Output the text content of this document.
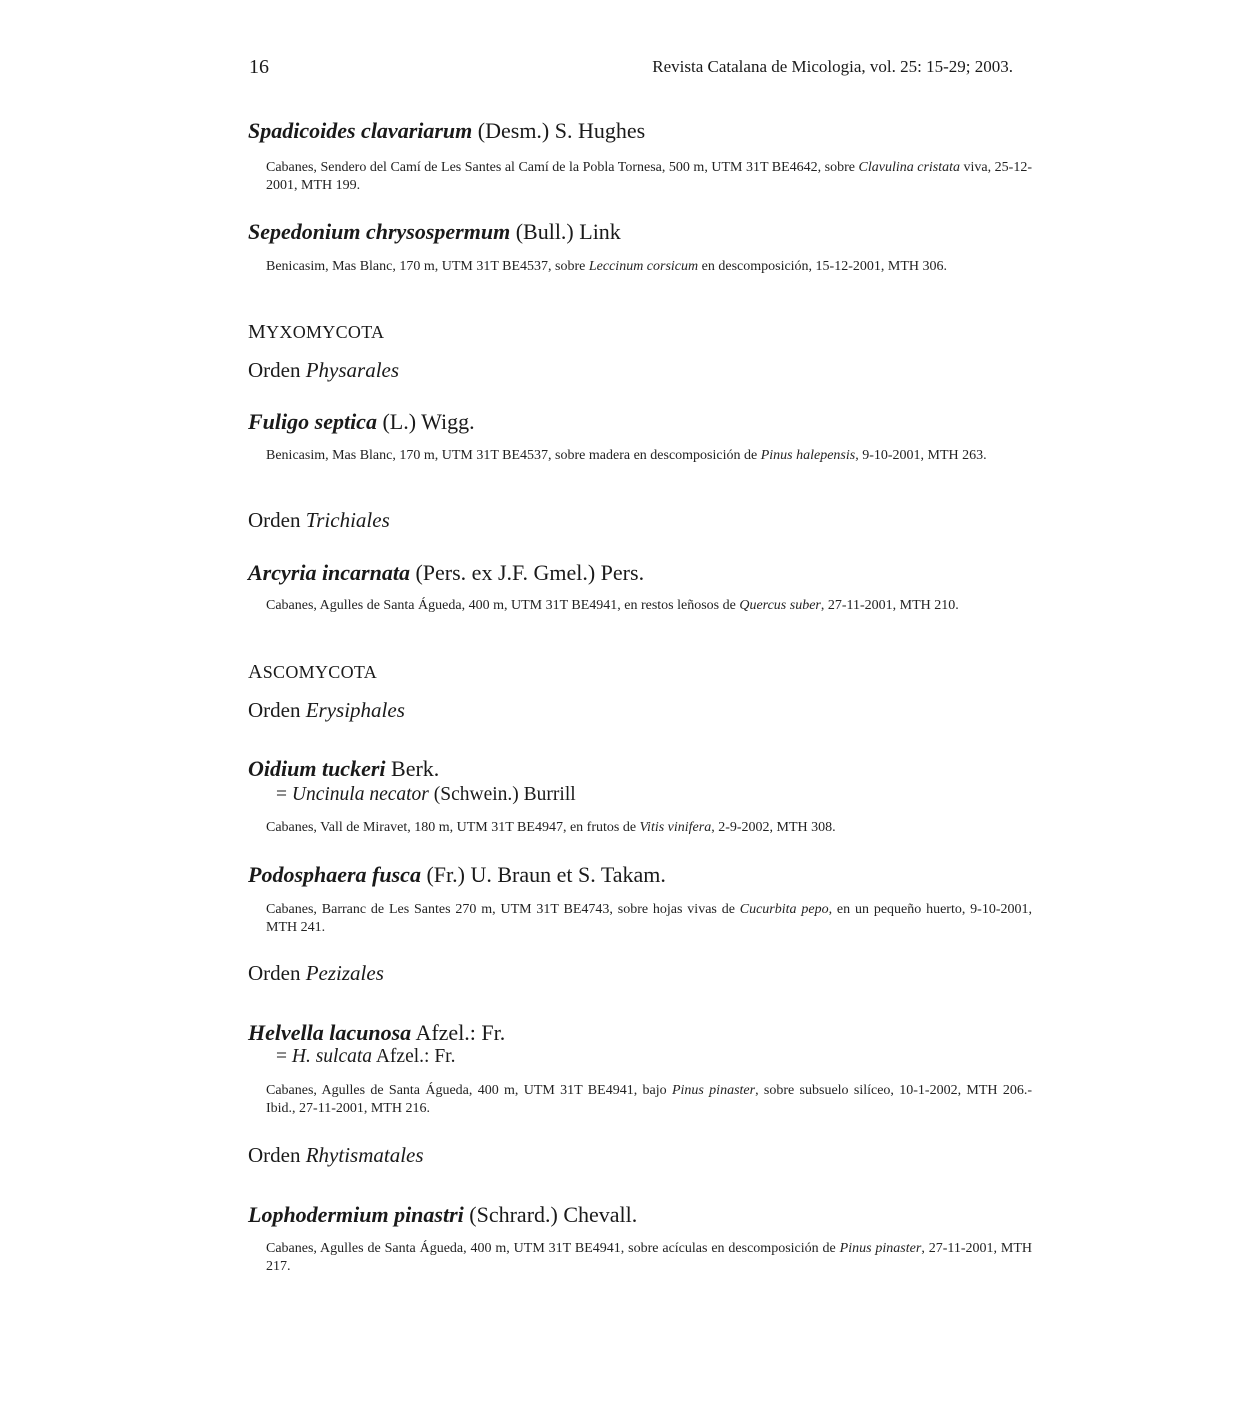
16	Revista Catalana de Micologia, vol. 25: 15-29; 2003.
Spadicoides clavariarum (Desm.) S. Hughes
Cabanes, Sendero del Camí de Les Santes al Camí de la Pobla Tornesa, 500 m, UTM 31T BE4642, sobre Clavulina cristata viva, 25-12-2001, MTH 199.
Sepedonium chrysospermum (Bull.) Link
Benicasim, Mas Blanc, 170 m, UTM 31T BE4537, sobre Leccinum corsicum en descomposición, 15-12-2001, MTH 306.
MYXOMYCOTA
Orden Physarales
Fuligo septica (L.) Wigg.
Benicasim, Mas Blanc, 170 m, UTM 31T BE4537, sobre madera en descomposición de Pinus halepensis, 9-10-2001, MTH 263.
Orden Trichiales
Arcyria incarnata (Pers. ex J.F. Gmel.) Pers.
Cabanes, Agulles de Santa Águeda, 400 m, UTM 31T BE4941, en restos leñosos de Quercus suber, 27-11-2001, MTH 210.
ASCOMYCOTA
Orden Erysiphales
Oidium tuckeri Berk.
= Uncinula necator (Schwein.) Burrill
Cabanes, Vall de Miravet, 180 m, UTM 31T BE4947, en frutos de Vitis vinifera, 2-9-2002, MTH 308.
Podosphaera fusca (Fr.) U. Braun et S. Takam.
Cabanes, Barranc de Les Santes 270 m, UTM 31T BE4743, sobre hojas vivas de Cucurbita pepo, en un pequeño huerto, 9-10-2001, MTH 241.
Orden Pezizales
Helvella lacunosa Afzel.: Fr.
= H. sulcata Afzel.: Fr.
Cabanes, Agulles de Santa Águeda, 400 m, UTM 31T BE4941, bajo Pinus pinaster, sobre subsuelo silíceo, 10-1-2002, MTH 206.- Ibid., 27-11-2001, MTH 216.
Orden Rhytismatales
Lophodermium pinastri (Schrard.) Chevall.
Cabanes, Agulles de Santa Águeda, 400 m, UTM 31T BE4941, sobre acículas en descomposición de Pinus pinaster, 27-11-2001, MTH 217.
